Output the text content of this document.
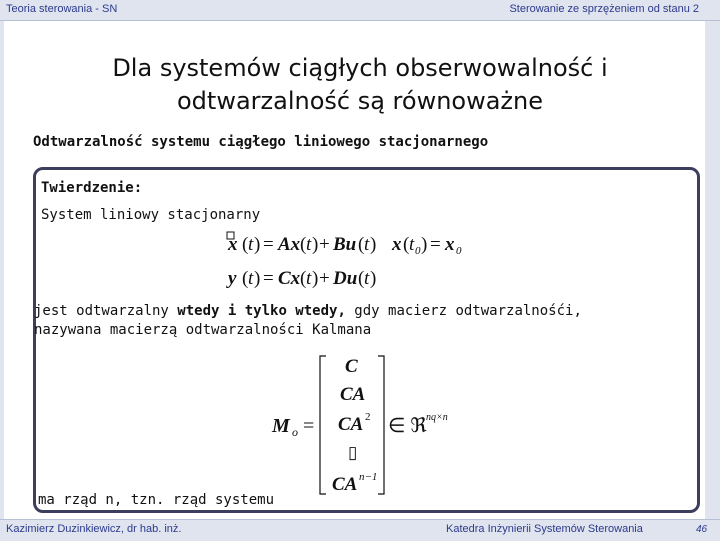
Teoria sterowania - SN	Sterowanie ze sprzężeniem od stanu 2
Dla systemów ciągłych obserwowalność i
odtwarzalność są równoważne
Odtwarzalność systemu ciągłego liniowego stacjonarnego
Twierdzenie:
System liniowy stacjonarny
x ( t ) = Ax ( t ) + Bu ( t ) x ( t 0 ) = x 0
y ( t ) = Cx ( t ) + Du ( t )
jest odtwarzalny wtedy i tylko wtedy, gdy macierz odtwarzalnośći,
nazywana macierzą odtwarzalności Kalmana
M o =
C
CA
CA 2
▯
CA n−1
∈ ℜ nq×n
ma rząd n, tzn. rząd systemu
Kazimierz Duzinkiewicz, dr hab. inż.	Katedra Inżynierii Systemów Sterowania	46
